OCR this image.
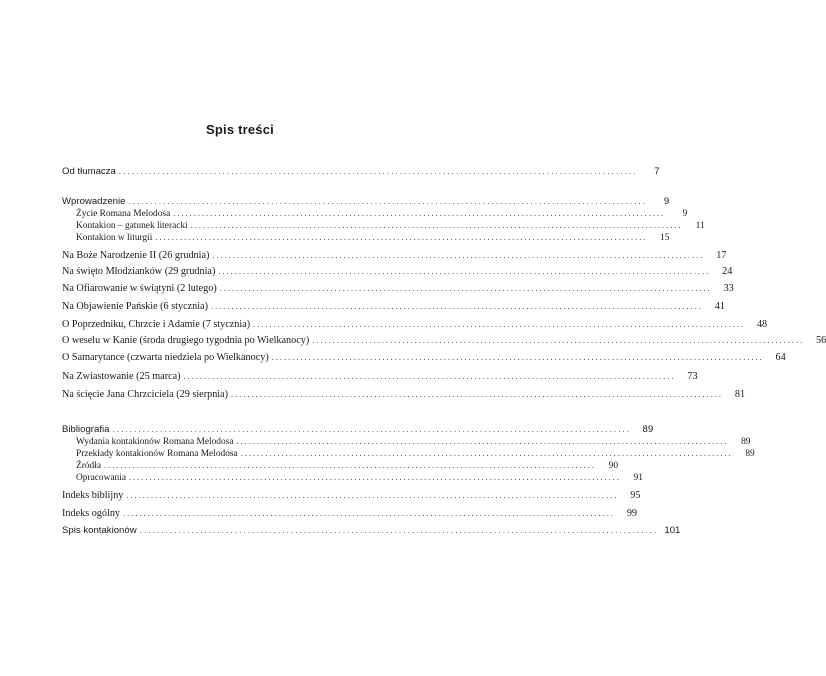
Spis treści
Od tłumacza ........................................................................................................................	7
Wprowadzenie ........................................................................................................................	9
Życie Romana Melodosa ........................................................................................................................	9
Kontakion – gatunek literacki ........................................................................................................................	11
Kontakion w liturgii ........................................................................................................................	15
Na Boże Narodzenie II (26 grudnia) ........................................................................................................................	17
Na święto Młodzianków (29 grudnia) ........................................................................................................................	24
Na Ofiarowanie w świątyni (2 lutego) ........................................................................................................................	33
Na Objawienie Pańskie (6 stycznia) ........................................................................................................................	41
O Poprzedniku, Chrzcie i Adamie (7 stycznia) ........................................................................................................................	48
O weselu w Kanie (środa drugiego tygodnia po Wielkanocy) ........................................................................................................................	56
O Samarytance (czwarta niedziela po Wielkanocy) ........................................................................................................................	64
Na Zwiastowanie (25 marca) ........................................................................................................................	73
Na ścięcie Jana Chrzciciela (29 sierpnia) ........................................................................................................................	81
Bibliografia ........................................................................................................................	89
Wydania kontakionów Romana Melodosa ........................................................................................................................	89
Przekłady kontakionów Romana Melodosa ........................................................................................................................	89
Źródła ........................................................................................................................	90
Opracowania ........................................................................................................................	91
Indeks biblijny ........................................................................................................................	95
Indeks ogólny ........................................................................................................................	99
Spis kontakionów ........................................................................................................................ 101
